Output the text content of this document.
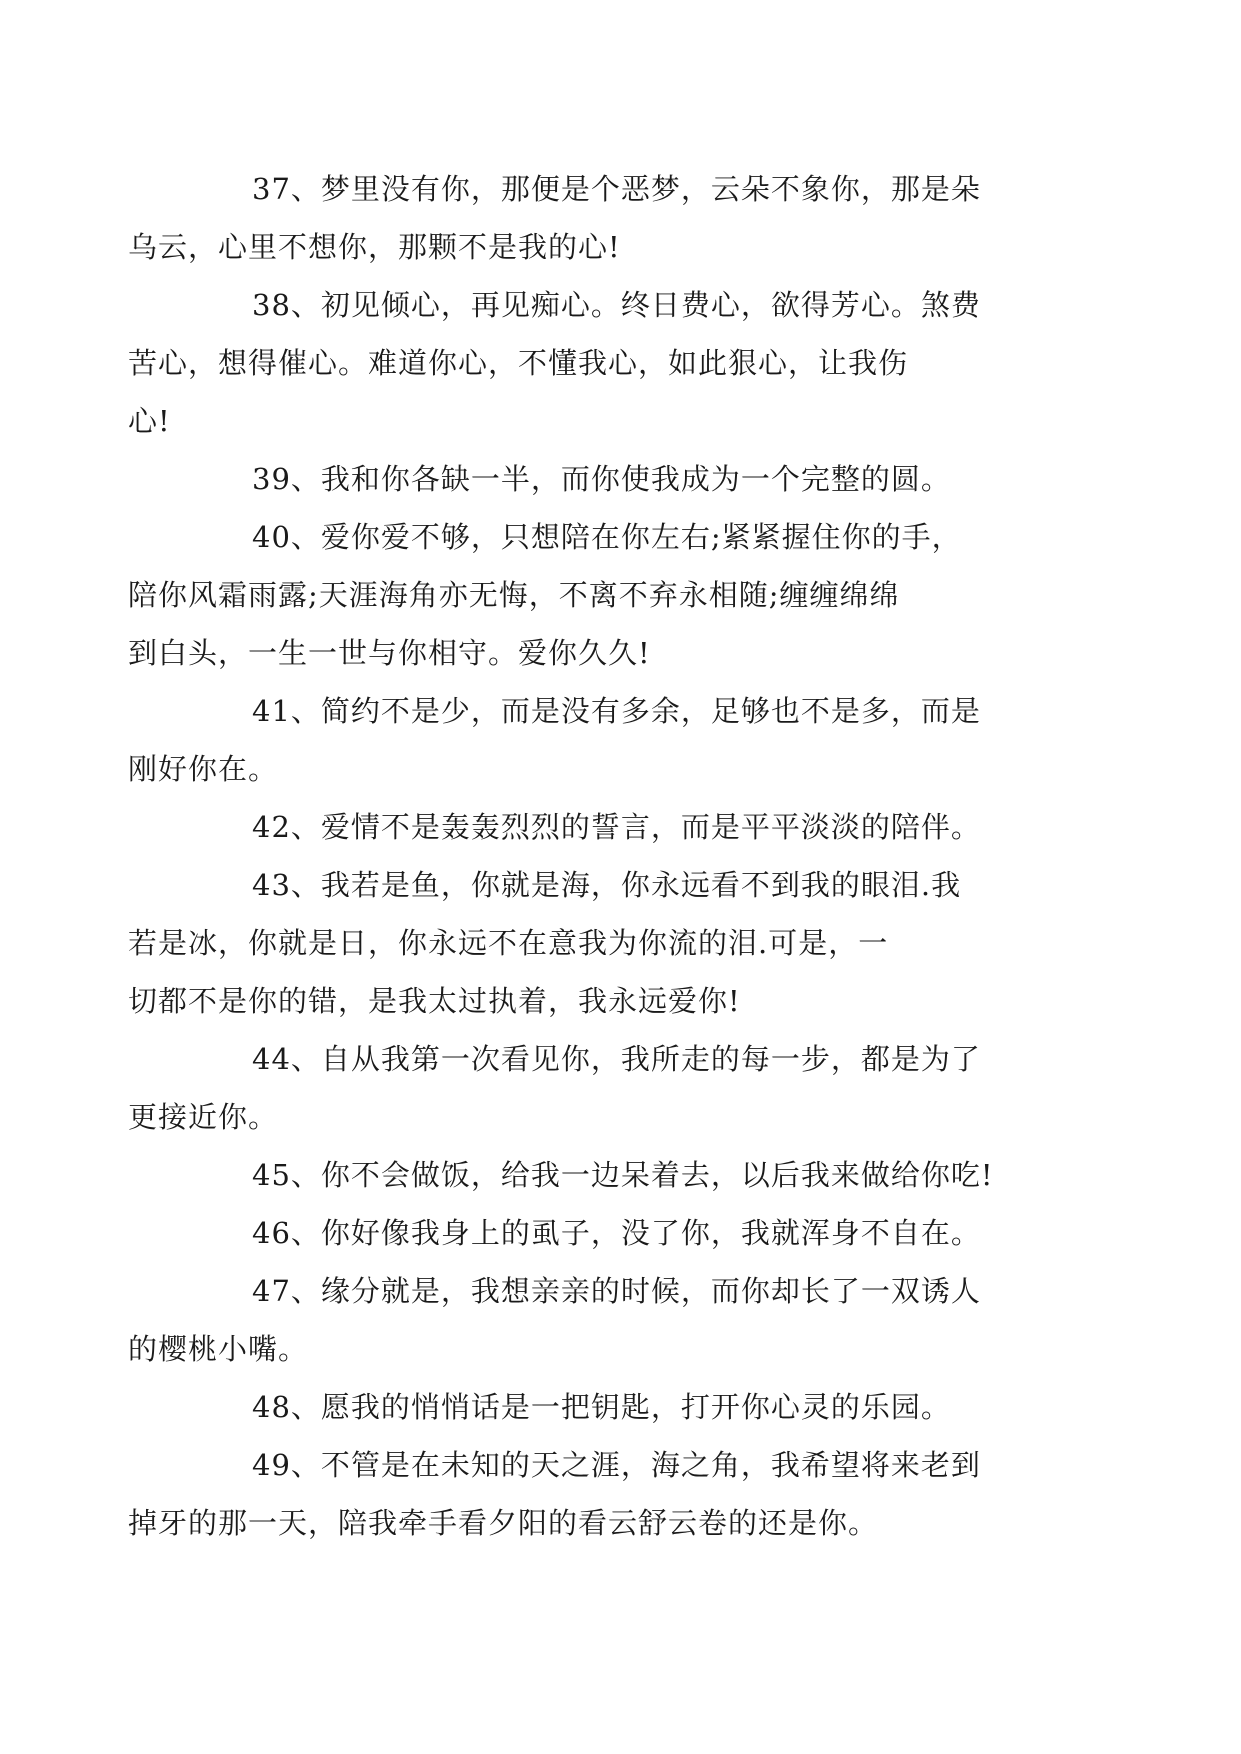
37、梦里没有你，那便是个恶梦，云朵不象你，那是朵
乌云，心里不想你，那颗不是我的心!

38、初见倾心，再见痴心。终日费心，欲得芳心。煞费
苦心，想得催心。难道你心，不懂我心，如此狠心，让我伤
心!

39、我和你各缺一半，而你使我成为一个完整的圆。

40、爱你爱不够，只想陪在你左右;紧紧握住你的手，
陪你风霜雨露;天涯海角亦无悔，不离不弃永相随;缠缠绵绵
到白头，一生一世与你相守。爱你久久!

41、简约不是少，而是没有多余，足够也不是多，而是
刚好你在。

42、爱情不是轰轰烈烈的誓言，而是平平淡淡的陪伴。

43、我若是鱼，你就是海，你永远看不到我的眼泪.我
若是冰，你就是日，你永远不在意我为你流的泪.可是，一
切都不是你的错，是我太过执着，我永远爱你!

44、自从我第一次看见你，我所走的每一步，都是为了
更接近你。

45、你不会做饭，给我一边呆着去，以后我来做给你吃!

46、你好像我身上的虱子，没了你，我就浑身不自在。

47、缘分就是，我想亲亲的时候，而你却长了一双诱人
的樱桃小嘴。

48、愿我的悄悄话是一把钥匙，打开你心灵的乐园。

49、不管是在未知的天之涯，海之角，我希望将来老到
掉牙的那一天，陪我牵手看夕阳的看云舒云卷的还是你。
